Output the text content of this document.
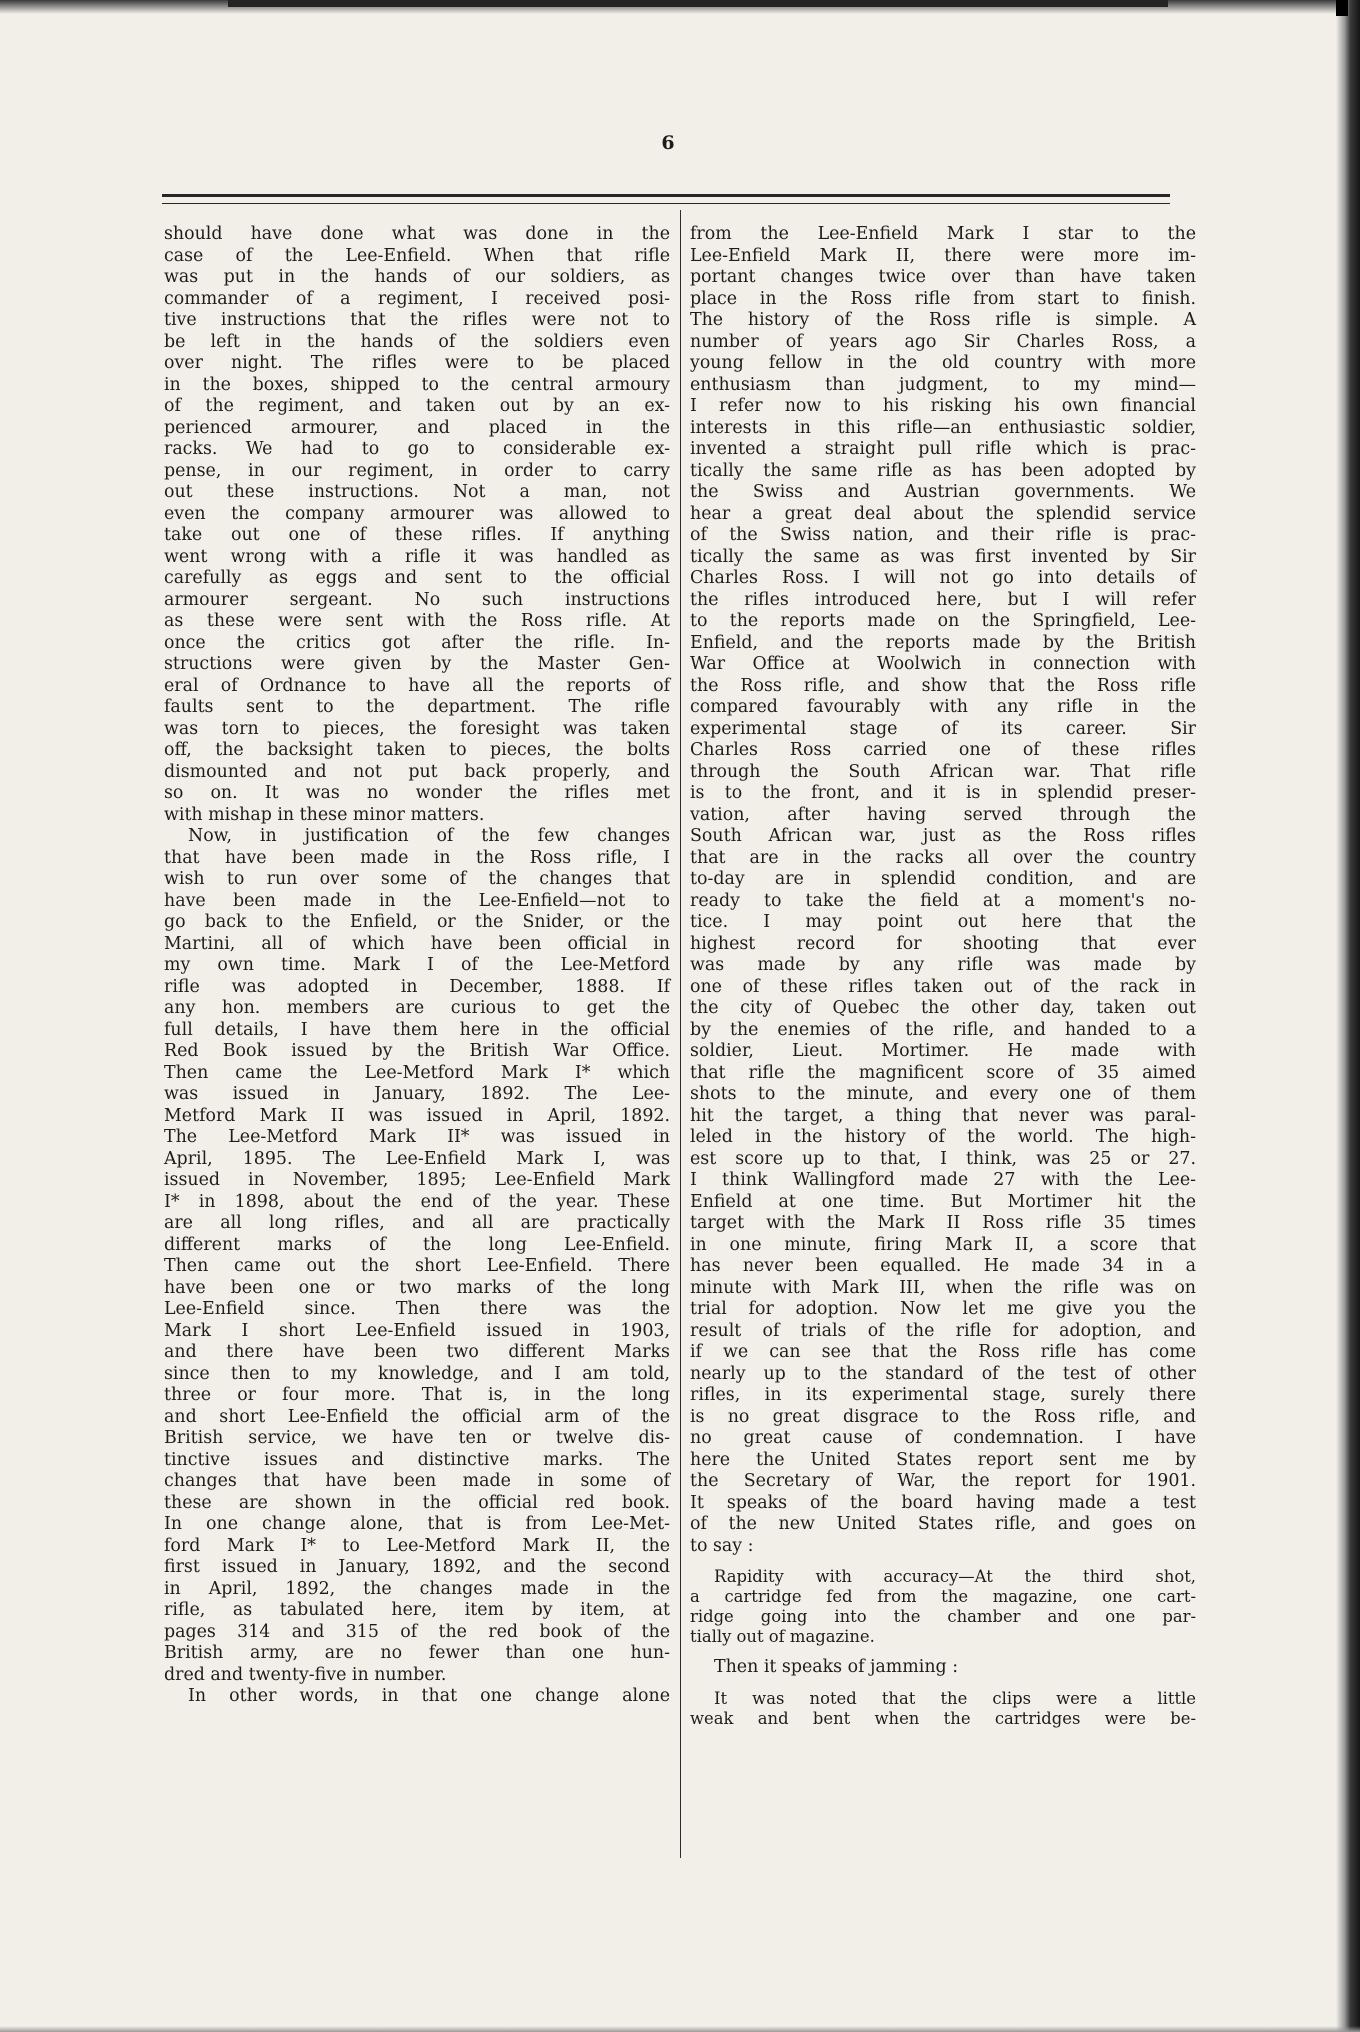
6
should have done what was done in the
case of the Lee-Enfield. When that rifle
was put in the hands of our soldiers, as
commander of a regiment, I received posi-
tive instructions that the rifles were not to
be left in the hands of the soldiers even
over night. The rifles were to be placed
in the boxes, shipped to the central armoury
of the regiment, and taken out by an ex-
perienced armourer, and placed in the
racks. We had to go to considerable ex-
pense, in our regiment, in order to carry
out these instructions. Not a man, not
even the company armourer was allowed to
take out one of these rifles. If anything
went wrong with a rifle it was handled as
carefully as eggs and sent to the official
armourer sergeant. No such instructions
as these were sent with the Ross rifle. At
once the critics got after the rifle. In-
structions were given by the Master Gen-
eral of Ordnance to have all the reports of
faults sent to the department. The rifle
was torn to pieces, the foresight was taken
off, the backsight taken to pieces, the bolts
dismounted and not put back properly, and
so on. It was no wonder the rifles met
with mishap in these minor matters.
Now, in justification of the few changes
that have been made in the Ross rifle, I
wish to run over some of the changes that
have been made in the Lee-Enfield—not to
go back to the Enfield, or the Snider, or the
Martini, all of which have been official in
my own time. Mark I of the Lee-Metford
rifle was adopted in December, 1888. If
any hon. members are curious to get the
full details, I have them here in the official
Red Book issued by the British War Office.
Then came the Lee-Metford Mark I* which
was issued in January, 1892. The Lee-
Metford Mark II was issued in April, 1892.
The Lee-Metford Mark II* was issued in
April, 1895. The Lee-Enfield Mark I, was
issued in November, 1895; Lee-Enfield Mark
I* in 1898, about the end of the year. These
are all long rifles, and all are practically
different marks of the long Lee-Enfield.
Then came out the short Lee-Enfield. There
have been one or two marks of the long
Lee-Enfield since. Then there was the
Mark I short Lee-Enfield issued in 1903,
and there have been two different Marks
since then to my knowledge, and I am told,
three or four more. That is, in the long
and short Lee-Enfield the official arm of the
British service, we have ten or twelve dis-
tinctive issues and distinctive marks. The
changes that have been made in some of
these are shown in the official red book.
In one change alone, that is from Lee-Met-
ford Mark I* to Lee-Metford Mark II, the
first issued in January, 1892, and the second
in April, 1892, the changes made in the
rifle, as tabulated here, item by item, at
pages 314 and 315 of the red book of the
British army, are no fewer than one hun-
dred and twenty-five in number.
In other words, in that one change alone
from the Lee-Enfield Mark I star to the
Lee-Enfield Mark II, there were more im-
portant changes twice over than have taken
place in the Ross rifle from start to finish.
The history of the Ross rifle is simple. A
number of years ago Sir Charles Ross, a
young fellow in the old country with more
enthusiasm than judgment, to my mind—
I refer now to his risking his own financial
interests in this rifle—an enthusiastic soldier,
invented a straight pull rifle which is prac-
tically the same rifle as has been adopted by
the Swiss and Austrian governments. We
hear a great deal about the splendid service
of the Swiss nation, and their rifle is prac-
tically the same as was first invented by Sir
Charles Ross. I will not go into details of
the rifles introduced here, but I will refer
to the reports made on the Springfield, Lee-
Enfield, and the reports made by the British
War Office at Woolwich in connection with
the Ross rifle, and show that the Ross rifle
compared favourably with any rifle in the
experimental stage of its career. Sir
Charles Ross carried one of these rifles
through the South African war. That rifle
is to the front, and it is in splendid preser-
vation, after having served through the
South African war, just as the Ross rifles
that are in the racks all over the country
to-day are in splendid condition, and are
ready to take the field at a moment's no-
tice. I may point out here that the
highest record for shooting that ever
was made by any rifle was made by
one of these rifles taken out of the rack in
the city of Quebec the other day, taken out
by the enemies of the rifle, and handed to a
soldier, Lieut. Mortimer. He made with
that rifle the magnificent score of 35 aimed
shots to the minute, and every one of them
hit the target, a thing that never was paral-
leled in the history of the world. The high-
est score up to that, I think, was 25 or 27.
I think Wallingford made 27 with the Lee-
Enfield at one time. But Mortimer hit the
target with the Mark II Ross rifle 35 times
in one minute, firing Mark II, a score that
has never been equalled. He made 34 in a
minute with Mark III, when the rifle was on
trial for adoption. Now let me give you the
result of trials of the rifle for adoption, and
if we can see that the Ross rifle has come
nearly up to the standard of the test of other
rifles, in its experimental stage, surely there
is no great disgrace to the Ross rifle, and
no great cause of condemnation. I have
here the United States report sent me by
the Secretary of War, the report for 1901.
It speaks of the board having made a test
of the new United States rifle, and goes on
to say :
Rapidity with accuracy—At the third shot,
a cartridge fed from the magazine, one cart-
ridge going into the chamber and one par-
tially out of magazine.
Then it speaks of jamming :
It was noted that the clips were a little
weak and bent when the cartridges were be-
